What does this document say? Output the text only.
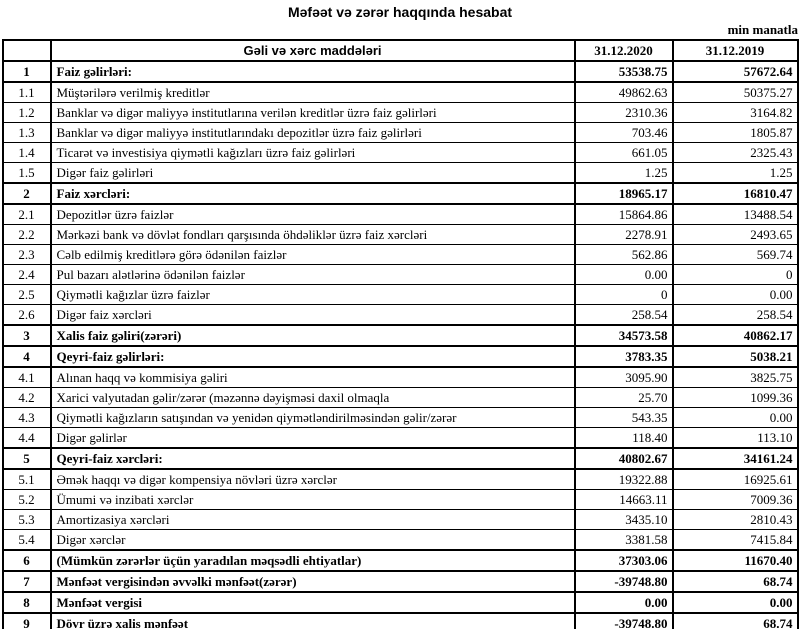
Məfəət və zərər haqqında hesabat
min manatla
	Gəli və xərc maddələri	31.12.2020	31.12.2019
1	Faiz gəlirləri:	53538.75	57672.64
1.1	Müştərilərə verilmiş kreditlər	49862.63	50375.27
1.2	Banklar və digər maliyyə institutlarına verilən kreditlər üzrə faiz gəlirləri	2310.36	3164.82
1.3	Banklar və digər maliyyə institutlarındakı depozitlər üzrə faiz gəlirləri	703.46	1805.87
1.4	Ticarət və investisiya qiymətli kağızları üzrə faiz gəlirləri	661.05	2325.43
1.5	Digər faiz gəlirləri	1.25	1.25
2	Faiz xərcləri:	18965.17	16810.47
2.1	Depozitlər üzrə faizlər	15864.86	13488.54
2.2	Mərkəzi bank və dövlət fondları qarşısında öhdəliklər üzrə faiz xərcləri	2278.91	2493.65
2.3	Cəlb edilmiş kreditlərə görə ödənilən faizlər	562.86	569.74
2.4	Pul bazarı alətlərinə ödənilən faizlər	0.00	0
2.5	Qiymətli kağızlar üzrə faizlər	0	0.00
2.6	Digər faiz xərcləri	258.54	258.54
3	Xalis faiz gəliri(zərəri)	34573.58	40862.17
4	Qeyri-faiz gəlirləri:	3783.35	5038.21
4.1	Alınan haqq və kommisiya gəliri	3095.90	3825.75
4.2	Xarici valyutadan gəlir/zərər (məzənnə dəyişməsi daxil olmaqla	25.70	1099.36
4.3	Qiymətli kağızların satışından və yenidən qiymətləndirilməsindən gəlir/zərər	543.35	0.00
4.4	Digər gəlirlər	118.40	113.10
5	Qeyri-faiz xərcləri:	40802.67	34161.24
5.1	Əmək haqqı və digər kompensiya növləri üzrə xərclər	19322.88	16925.61
5.2	Ümumi və inzibati xərclər	14663.11	7009.36
5.3	Amortizasiya xərcləri	3435.10	2810.43
5.4	Digər xərclər	3381.58	7415.84
6	(Mümkün zərərlər üçün yaradılan məqsədli ehtiyatlar)	37303.06	11670.40
7	Mənfəət vergisindən əvvəlki mənfəət(zərər)	-39748.80	68.74
8	Mənfəət vergisi	0.00	0.00
9	Dövr üzrə xalis mənfəət	-39748.80	68.74
